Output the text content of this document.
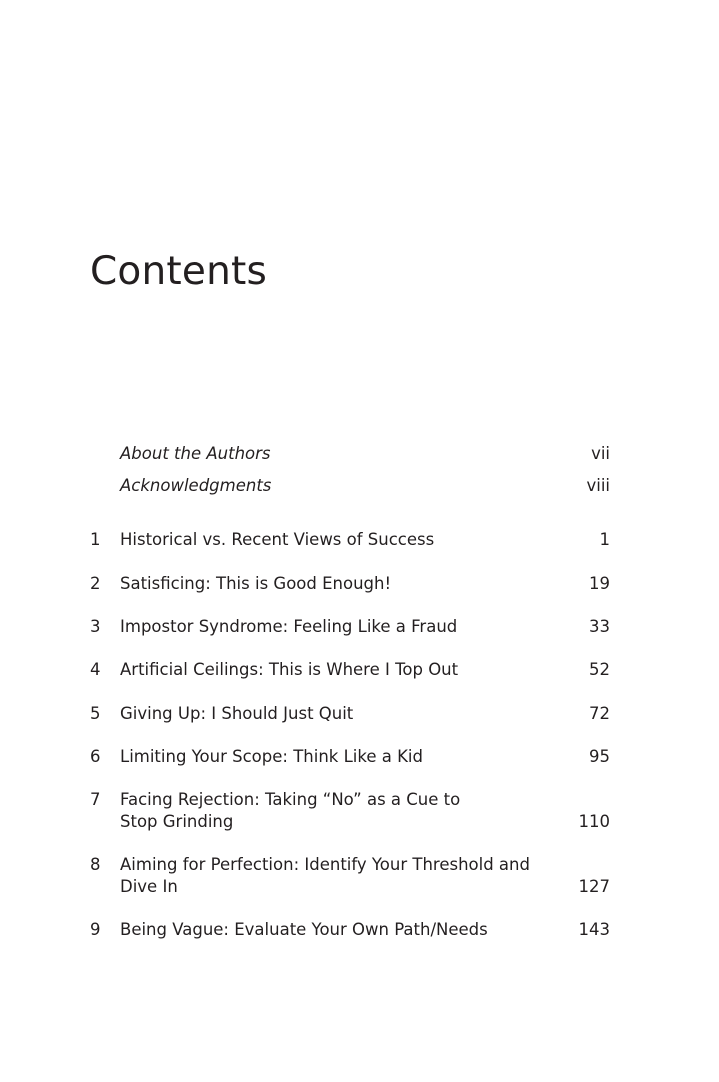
Contents
About the Authors	vii
Acknowledgments	viii
1	Historical vs. Recent Views of Success	1
2	Satisficing: This is Good Enough!	19
3	Impostor Syndrome: Feeling Like a Fraud	33
4	Artificial Ceilings: This is Where I Top Out	52
5	Giving Up: I Should Just Quit	72
6	Limiting Your Scope: Think Like a Kid	95
7	Facing Rejection: Taking “No” as a Cue to
Stop Grinding	110
8	Aiming for Perfection: Identify Your Threshold and
Dive In	127
9	Being Vague: Evaluate Your Own Path/Needs	143
